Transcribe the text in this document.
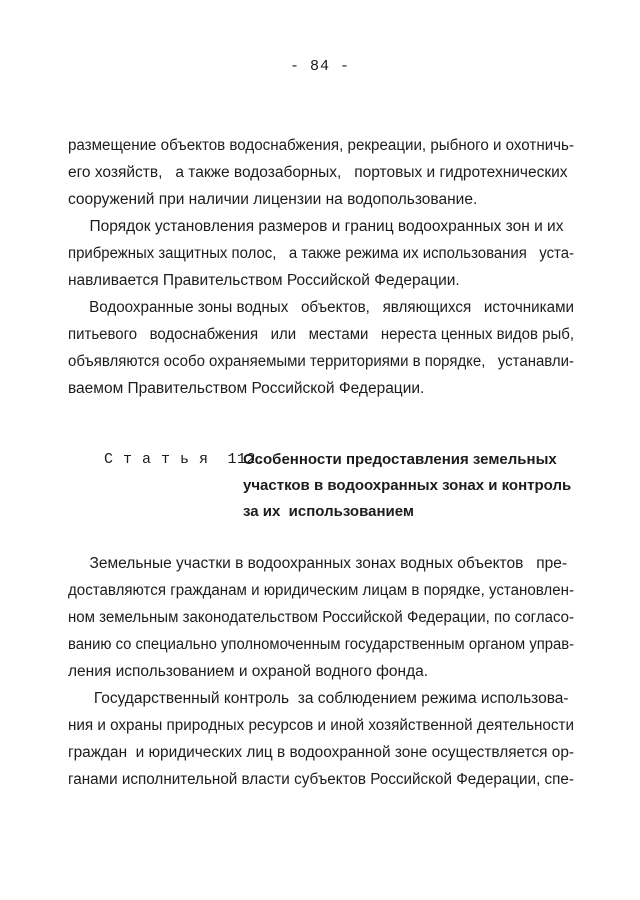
- 84 -
размещение объектов водоснабжения, рекреации, рыбного и охотничь-
его хозяйств,   а также водозаборных,   портовых и гидротехнических
сооружений при наличии лицензии на водопользование.
Порядок установления размеров и границ водоохранных зон и их
прибрежных защитных полос,   а также режима их использования   уста-
навливается Правительством Российской Федерации.
Водоохранные зоны водных   объектов,   являющихся   источниками
питьевого   водоснабжения   или   местами   нереста ценных видов рыб,
объявляются особо охраняемыми территориями в порядке,   устанавли-
ваемом Правительством Российской Федерации.
С т а т ь я  112.
Особенности предоставления земельных
участков в водоохранных зонах и контроль
за их  использованием
Земельные участки в водоохранных зонах водных объектов   пре-
доставляются гражданам и юридическим лицам в порядке, установлен-
ном земельным законодательством Российской Федерации, по согласо-
ванию со специально уполномоченным государственным органом управ-
ления использованием и охраной водного фонда.
Государственный контроль  за соблюдением режима использова-
ния и охраны природных ресурсов и иной хозяйственной деятельности
граждан  и юридических лиц в водоохранной зоне осуществляется ор-
ганами исполнительной власти субъектов Российской Федерации, спе-
